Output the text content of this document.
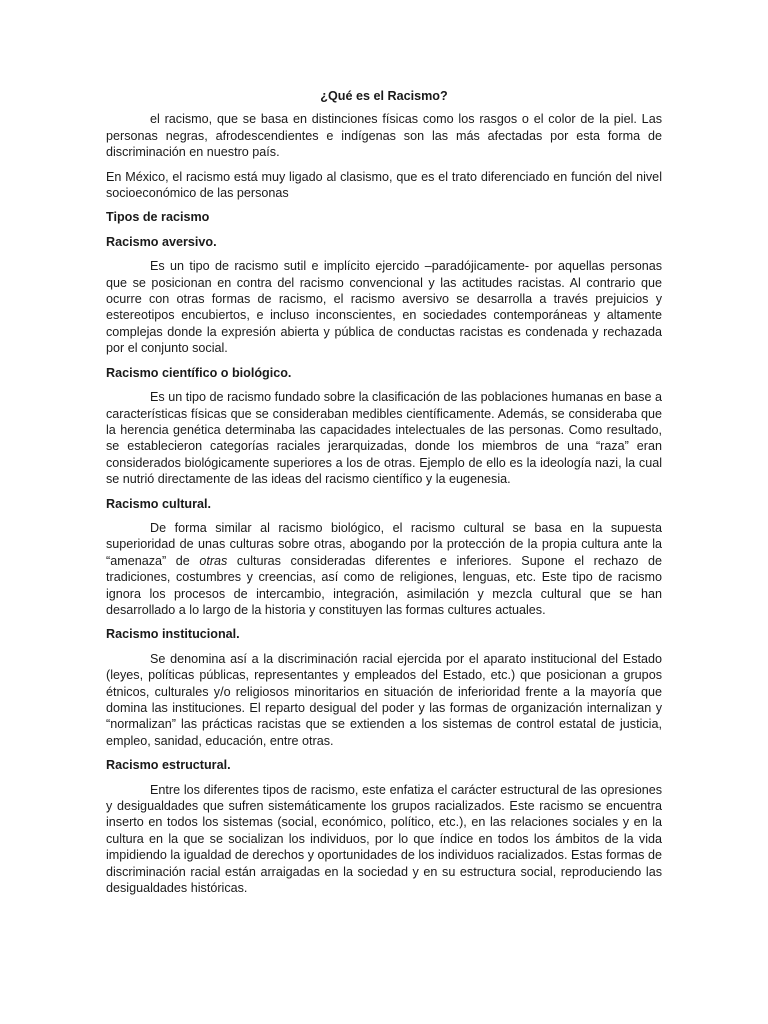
¿Qué es el Racismo?

el racismo, que se basa en distinciones físicas como los rasgos o el color de la piel. Las personas negras, afrodescendientes e indígenas son las más afectadas por esta forma de discriminación en nuestro país.

En México, el racismo está muy ligado al clasismo, que es el trato diferenciado en función del nivel socioeconómico de las personas

Tipos de racismo
Racismo aversivo.

Es un tipo de racismo sutil e implícito ejercido –paradójicamente- por aquellas personas que se posicionan en contra del racismo convencional y las actitudes racistas. Al contrario que ocurre con otras formas de racismo, el racismo aversivo se desarrolla a través prejuicios y estereotipos encubiertos, e incluso inconscientes, en sociedades contemporáneas y altamente complejas donde la expresión abierta y pública de conductas racistas es condenada y rechazada por el conjunto social.

Racismo científico o biológico.

Es un tipo de racismo fundado sobre la clasificación de las poblaciones humanas en base a características físicas que se consideraban medibles científicamente. Además, se consideraba que la herencia genética determinaba las capacidades intelectuales de las personas. Como resultado, se establecieron categorías raciales jerarquizadas, donde los miembros de una “raza” eran considerados biológicamente superiores a los de otras. Ejemplo de ello es la ideología nazi, la cual se nutrió directamente de las ideas del racismo científico y la eugenesia.

Racismo cultural.

De forma similar al racismo biológico, el racismo cultural se basa en la supuesta superioridad de unas culturas sobre otras, abogando por la protección de la propia cultura ante la “amenaza” de otras culturas consideradas diferentes e inferiores. Supone el rechazo de tradiciones, costumbres y creencias, así como de religiones, lenguas, etc. Este tipo de racismo ignora los procesos de intercambio, integración, asimilación y mezcla cultural que se han desarrollado a lo largo de la historia y constituyen las formas cultures actuales.

Racismo institucional.

Se denomina así a la discriminación racial ejercida por el aparato institucional del Estado (leyes, políticas públicas, representantes y empleados del Estado, etc.) que posicionan a grupos étnicos, culturales y/o religiosos minoritarios en situación de inferioridad frente a la mayoría que domina las instituciones. El reparto desigual del poder y las formas de organización internalizan y “normalizan” las prácticas racistas que se extienden a los sistemas de control estatal de justicia, empleo, sanidad, educación, entre otras.

Racismo estructural.

Entre los diferentes tipos de racismo, este enfatiza el carácter estructural de las opresiones y desigualdades que sufren sistemáticamente los grupos racializados. Este racismo se encuentra inserto en todos los sistemas (social, económico, político, etc.), en las relaciones sociales y en la cultura en la que se socializan los individuos, por lo que índice en todos los ámbitos de la vida impidiendo la igualdad de derechos y oportunidades de los individuos racializados. Estas formas de discriminación racial están arraigadas en la sociedad y en su estructura social, reproduciendo las desigualdades históricas.
